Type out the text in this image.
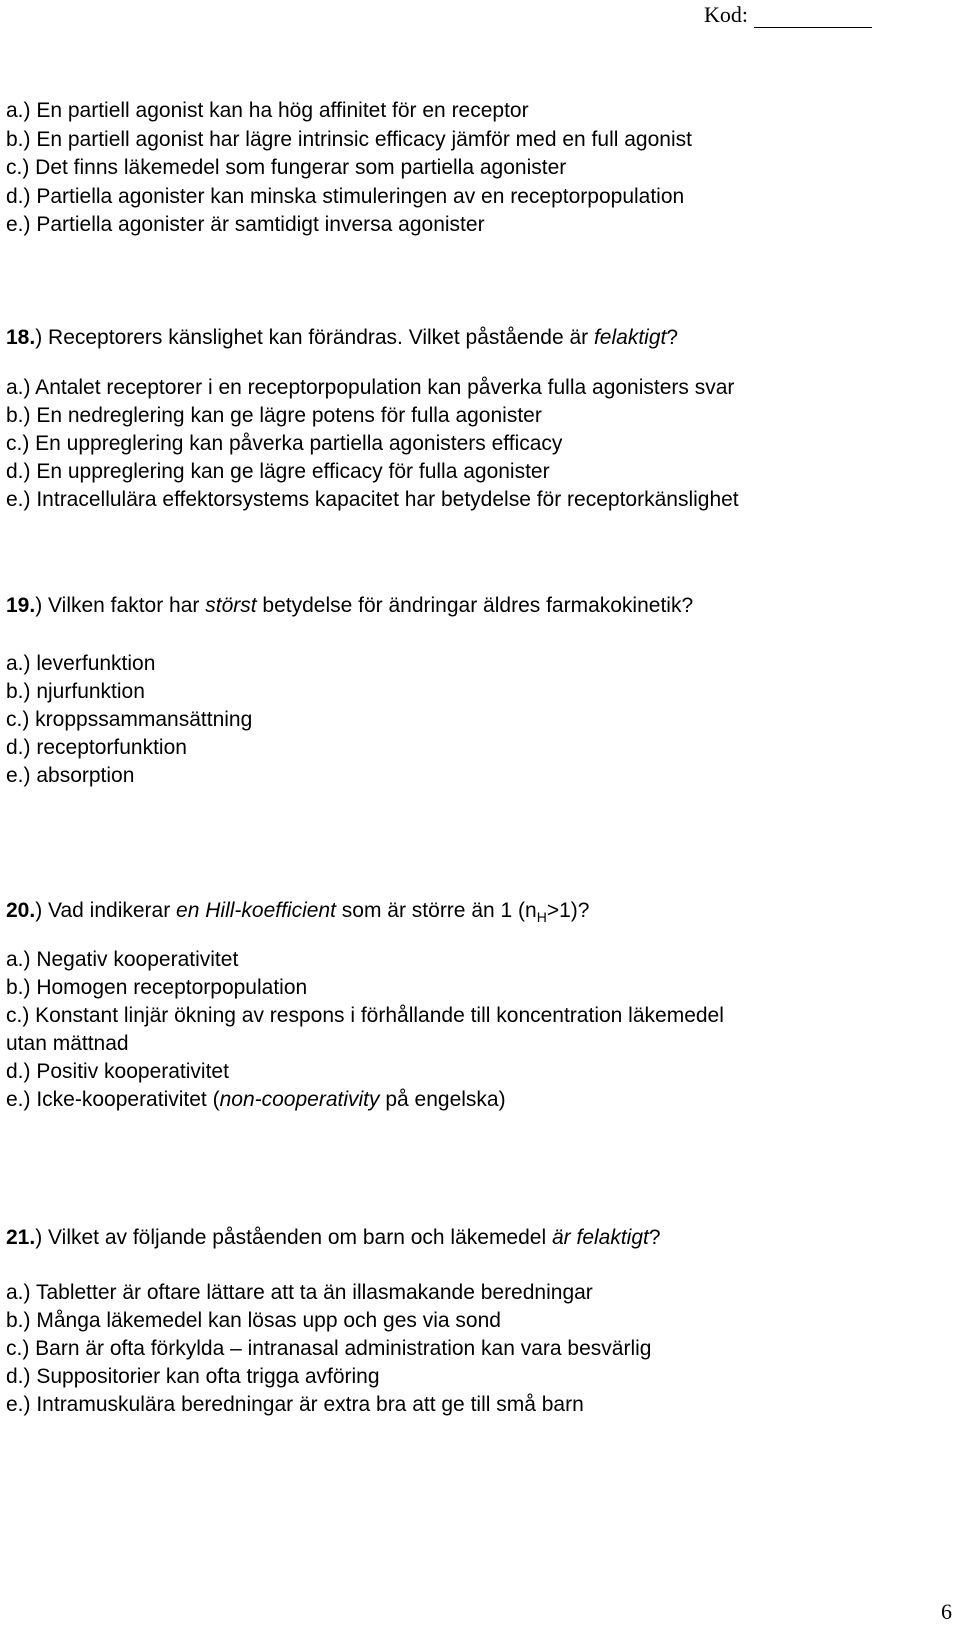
Kod:
a.) En partiell agonist kan ha hög affinitet för en receptor
b.) En partiell agonist har lägre intrinsic efficacy jämför med en full agonist
c.) Det finns läkemedel som fungerar som partiella agonister
d.) Partiella agonister kan minska stimuleringen av en receptorpopulation
e.) Partiella agonister är samtidigt inversa agonister
18.) Receptorers känslighet kan förändras. Vilket påstående är felaktigt?
a.) Antalet receptorer i en receptorpopulation kan påverka fulla agonisters svar
b.) En nedreglering kan ge lägre potens för fulla agonister
c.) En uppreglering kan påverka partiella agonisters efficacy
d.) En uppreglering kan ge lägre efficacy för fulla agonister
e.) Intracellulära effektorsystems kapacitet har betydelse för receptorkänslighet
19.) Vilken faktor har störst betydelse för ändringar äldres farmakokinetik?
a.) leverfunktion
b.) njurfunktion
c.) kroppssammansättning
d.) receptorfunktion
e.) absorption
20.) Vad indikerar en Hill-koefficient som är större än 1 $(n_H>1)$?
a.) Negativ kooperativitet
b.) Homogen receptorpopulation
c.) Konstant linjär ökning av respons i förhållande till koncentration läkemedel
utan mättnad
d.) Positiv kooperativitet
e.) Icke-kooperativitet (non-cooperativity på engelska)
21.) Vilket av följande påståenden om barn och läkemedel är felaktigt?
a.) Tabletter är oftare lättare att ta än illasmakande beredningar
b.) Många läkemedel kan lösas upp och ges via sond
c.) Barn är ofta förkylda – intranasal administration kan vara besvärlig
d.) Suppositorier kan ofta trigga avföring
e.) Intramuskulära beredningar är extra bra att ge till små barn
6
